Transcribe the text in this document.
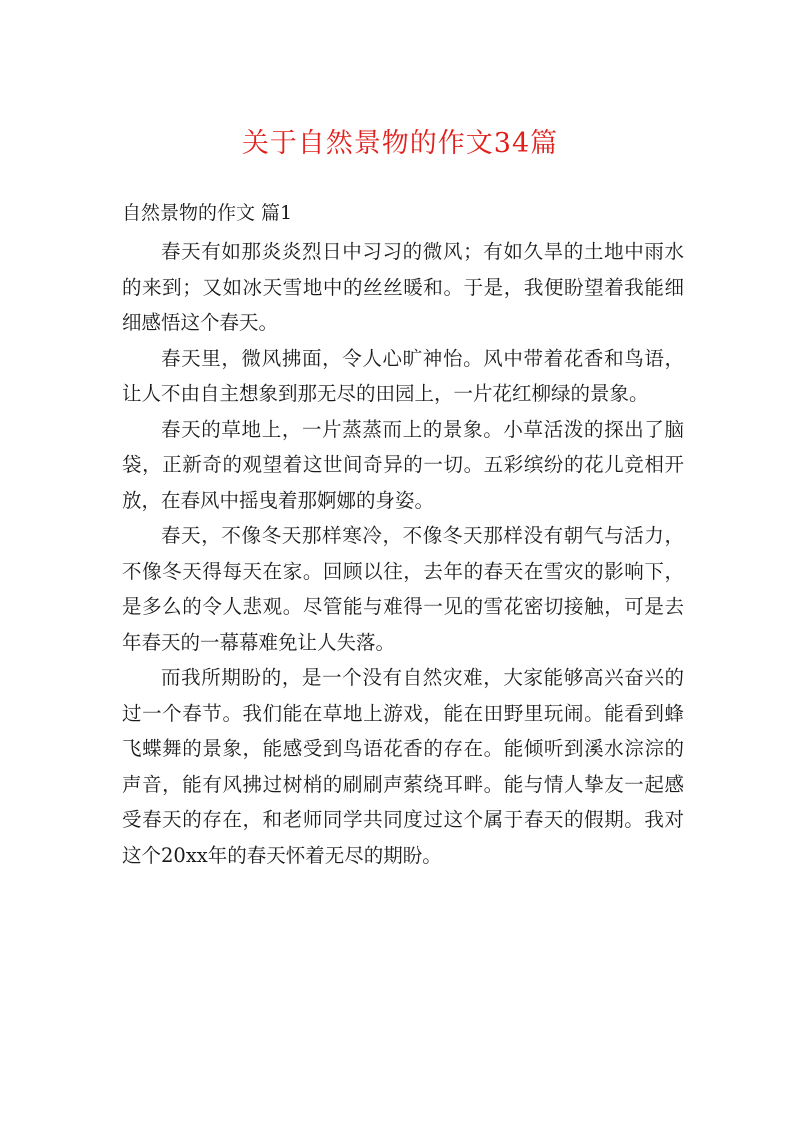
关于自然景物的作文34篇
自然景物的作文 篇1

春天有如那炎炎烈日中习习的微风；有如久旱的土地中雨水的来到；又如冰天雪地中的丝丝暖和。于是，我便盼望着我能细细感悟这个春天。

春天里，微风拂面，令人心旷神怡。风中带着花香和鸟语，让人不由自主想象到那无尽的田园上，一片花红柳绿的景象。

春天的草地上，一片蒸蒸而上的景象。小草活泼的探出了脑袋，正新奇的观望着这世间奇异的一切。五彩缤纷的花儿竞相开放，在春风中摇曳着那婀娜的身姿。

春天，不像冬天那样寒冷，不像冬天那样没有朝气与活力，不像冬天得每天在家。回顾以往，去年的春天在雪灾的影响下，是多么的令人悲观。尽管能与难得一见的雪花密切接触，可是去年春天的一幕幕难免让人失落。

而我所期盼的，是一个没有自然灾难，大家能够高兴奋兴的过一个春节。我们能在草地上游戏，能在田野里玩闹。能看到蜂飞蝶舞的景象，能感受到鸟语花香的存在。能倾听到溪水淙淙的声音，能有风拂过树梢的刷刷声萦绕耳畔。能与情人挚友一起感受春天的存在，和老师同学共同度过这个属于春天的假期。我对这个20xx年的春天怀着无尽的期盼。
